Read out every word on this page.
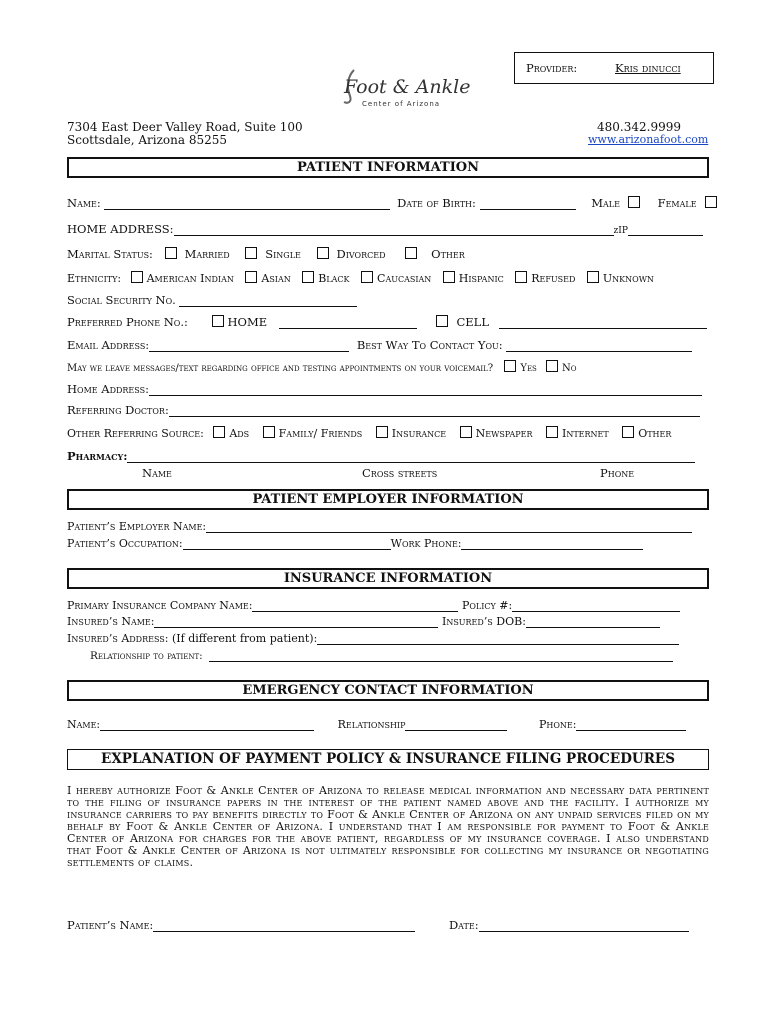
Provider:	Kris dinucci
Foot & Ankle
Center of Arizona
7304 East Deer Valley Road, Suite 100
Scottsdale, Arizona 85255
480.342.9999
www.arizonafoot.com
PATIENT INFORMATION
Name:	Date of Birth:	Male	Female
HOME ADDRESS:	zIP
Marital Status:	Married	Single	Divorced	Other
Ethnicity: American Indian	Asian	Black	Caucasian	Hispanic	Refused	Unknown
Social Security No.
Preferred Phone No.:	HOME	CELL
Email Address:	Best Way To Contact You:
May we leave messages/text regarding office and testing appointments on your voicemail?	Yes	No
Home Address:
Referring Doctor:
Other Referring Source: Ads	Family/ Friends	Insurance	Newspaper	Internet	Other
Pharmacy:
Name	Cross streets	Phone
PATIENT EMPLOYER INFORMATION
Patient’s Employer Name:
Patient’s Occupation:	Work Phone:
INSURANCE INFORMATION
Primary Insurance Company Name:	Policy #:
Insured’s Name:	Insured’s DOB:
Insured’s Address: (If different from patient):
Relationship to patient:
EMERGENCY CONTACT INFORMATION
Name:	Relationship	Phone:
EXPLANATION OF PAYMENT POLICY & INSURANCE FILING PROCEDURES
I hereby authorize Foot & Ankle Center of Arizona to release medical information and necessary data pertinent to the filing of insurance papers in the interest of the patient named above and the facility. I authorize my insurance carriers to pay benefits directly to Foot & Ankle Center of Arizona on any unpaid services filed on my behalf by Foot & Ankle Center of Arizona. I understand that I am responsible for payment to Foot & Ankle Center of Arizona for charges for the above patient, regardless of my insurance coverage. I also understand that Foot & Ankle Center of Arizona is not ultimately responsible for collecting my insurance or negotiating settlements of claims.
Patient’s Name:	Date:
